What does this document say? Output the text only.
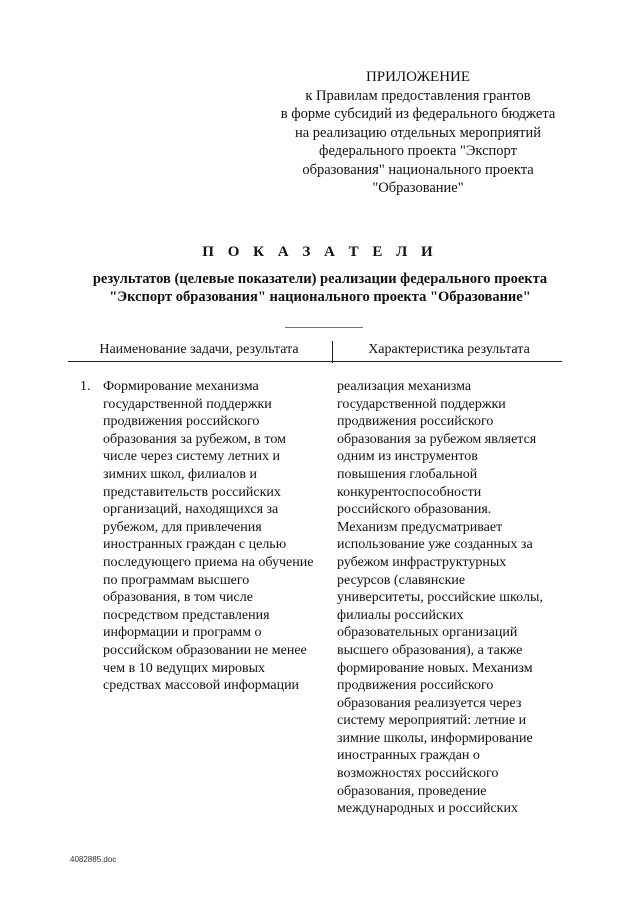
ПРИЛОЖЕНИЕ
к Правилам предоставления грантов
в форме субсидий из федерального бюджета
на реализацию отдельных мероприятий
федерального проекта "Экспорт
образования" национального проекта
"Образование"
П О К А З А Т Е Л И
результатов (целевые показатели) реализации федерального проекта
"Экспорт образования" национального проекта "Образование"
Наименование задачи, результата	Характеристика результата
1. Формирование механизма
государственной поддержки
продвижения российского
образования за рубежом, в том
числе через систему летних и
зимних школ, филиалов и
представительств российских
организаций, находящихся за
рубежом, для привлечения
иностранных граждан с целью
последующего приема на обучение
по программам высшего
образования, в том числе
посредством представления
информации и программ о
российском образовании не менее
чем в 10 ведущих мировых
средствах массовой информации
реализация механизма
государственной поддержки
продвижения российского
образования за рубежом является
одним из инструментов
повышения глобальной
конкурентоспособности
российского образования.
Механизм предусматривает
использование уже созданных за
рубежом инфраструктурных
ресурсов (славянские
университеты, российские школы,
филиалы российских
образовательных организаций
высшего образования), а также
формирование новых. Механизм
продвижения российского
образования реализуется через
систему мероприятий: летние и
зимние школы, информирование
иностранных граждан о
возможностях российского
образования, проведение
международных и российских
4082885.doc
